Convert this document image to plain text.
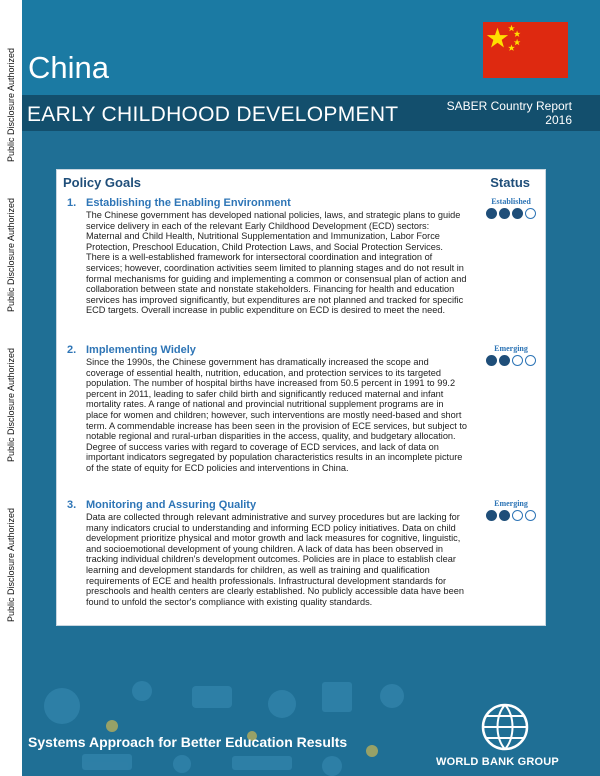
Public Disclosure Authorized
Public Disclosure Authorized
Public Disclosure Authorized
Public Disclosure Authorized
China
EARLY CHILDHOOD DEVELOPMENT	SABER Country Report
2016
Policy Goals	Status
1. Establishing the Enabling Environment
The Chinese government has developed national policies, laws, and strategic plans to guide service delivery in each of the relevant Early Childhood Development (ECD) sectors: Maternal and Child Health, Nutritional Supplementation and Immunization, Labor Force Protection, Preschool Education, Child Protection Laws, and Social Protection Services. There is a well-established framework for intersectoral coordination and integration of services; however, coordination activities seem limited to planning stages and do not result in formal mechanisms for guiding and implementing a common or consensual plan of action and collaboration between state and nonstate stakeholders. Financing for health and education services has improved significantly, but expenditures are not planned and tracked for specific ECD targets. Overall increase in public expenditure on ECD is desired to meet the need.
Established
2. Implementing Widely
Since the 1990s, the Chinese government has dramatically increased the scope and coverage of essential health, nutrition, education, and protection services to its targeted population. The number of hospital births have increased from 50.5 percent in 1991 to 99.2 percent in 2011, leading to safer child birth and significantly reduced maternal and infant mortality rates. A range of national and provincial nutritional supplement programs are in place for women and children; however, such interventions are mostly need-based and short term. A commendable increase has been seen in the provision of ECE services, but subject to notable regional and rural-urban disparities in the access, quality, and budgetary allocation. Degree of success varies with regard to coverage of ECD services, and lack of data on important indicators segregated by population characteristics results in an incomplete picture of the state of equity for ECD policies and interventions in China.
Emerging
3. Monitoring and Assuring Quality
Data are collected through relevant administrative and survey procedures but are lacking for many indicators crucial to understanding and informing ECD policy initiatives. Data on child development prioritize physical and motor growth and lack measures for cognitive, linguistic, and socioemotional development of young children. A lack of data has been observed in tracking individual children's development outcomes. Policies are in place to establish clear learning and development standards for children, as well as training and qualification requirements of ECE and health professionals. Infrastructural development standards for preschools and health centers are clearly established. No publicly accessible data have been found to unfold the sector's compliance with existing quality standards.
Emerging
Systems Approach for Better Education Results
WORLD BANK GROUP
